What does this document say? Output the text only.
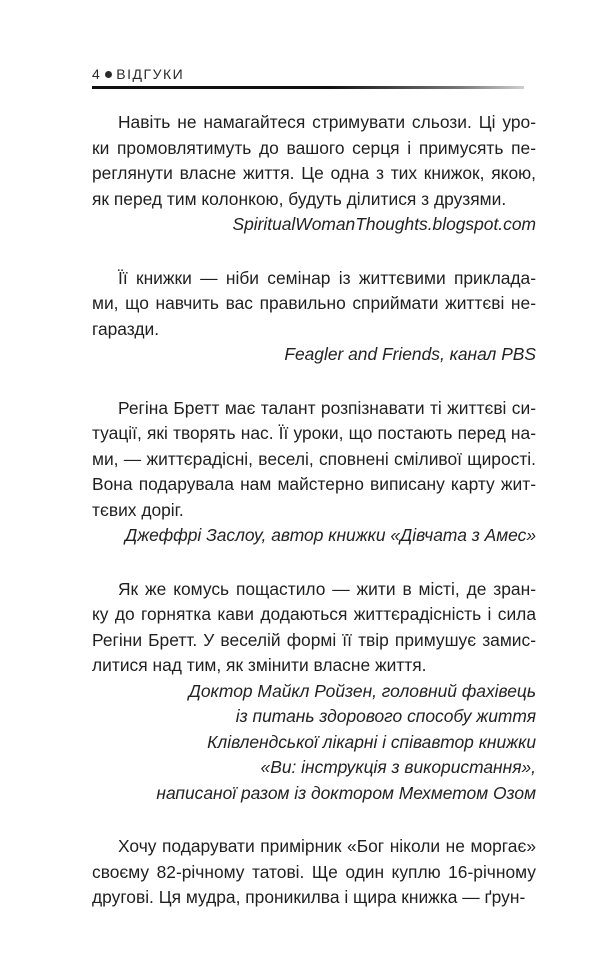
4 ВІДГУКИ
Навіть не намагайтеся стримувати сльози. Ці уро-
ки промовлятимуть до вашого серця і примусять пе-
реглянути власне життя. Це одна з тих книжок, якою,
як перед тим колонкою, будуть ділитися з друзями.
SpiritualWomanThoughts.blogspot.com
Її книжки — ніби семінар із життєвими приклада-
ми, що навчить вас правильно сприймати життєві не-
гаразди.
Feagler and Friends, канал PBS
Регіна Бретт має талант розпізнавати ті життєві си-
туації, які творять нас. Її уроки, що постають перед на-
ми, — життєрадісні, веселі, сповнені сміливої щирості.
Вона подарувала нам майстерно виписану карту жит-
тєвих доріг.
Джеффрі Заслоу, автор книжки «Дівчата з Амес»
Як же комусь пощастило — жити в місті, де зран-
ку до горнятка кави додаються життєрадісність і сила
Регіни Бретт. У веселій формі її твір примушує замис-
литися над тим, як змінити власне життя.
Доктор Майкл Ройзен, головний фахівець
із питань здорового способу життя
Клівлендської лікарні і співавтор книжки
«Ви: інструкція з використання»,
написаної разом із доктором Мехметом Озом
Хочу подарувати примірник «Бог ніколи не моргає»
своєму 82-річному татові. Ще один куплю 16-річному
другові. Ця мудра, проникилва і щира книжка — ґрун-
